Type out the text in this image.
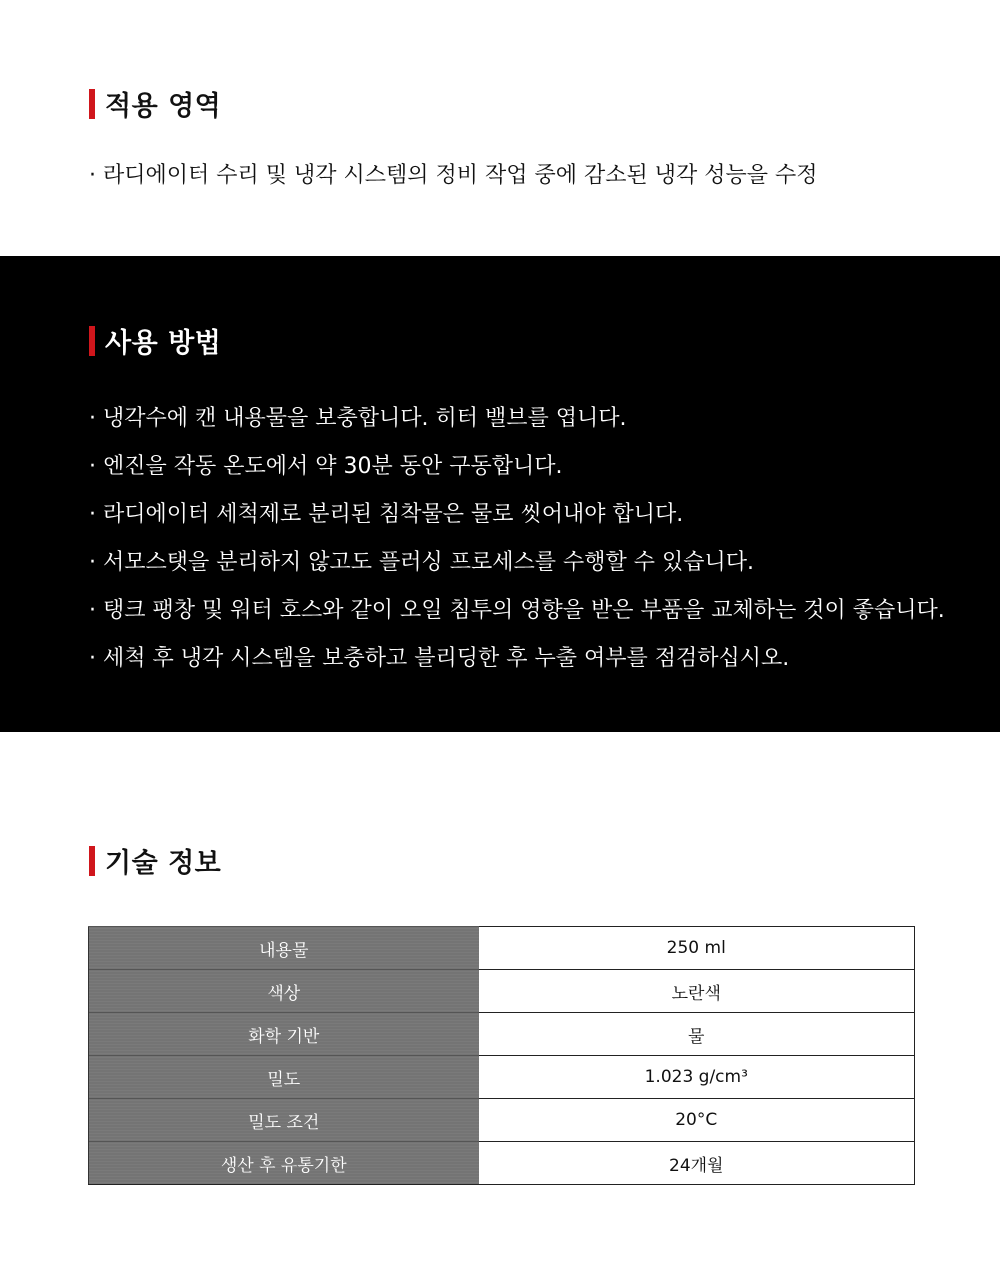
적용 영역
· 라디에이터 수리 및 냉각 시스템의 정비 작업 중에 감소된 냉각 성능을 수정
사용 방법
· 냉각수에 캔 내용물을 보충합니다. 히터 밸브를 엽니다.
· 엔진을 작동 온도에서 약 30분 동안 구동합니다.
· 라디에이터 세척제로 분리된 침착물은 물로 씻어내야 합니다.
· 서모스탯을 분리하지 않고도 플러싱 프로세스를 수행할 수 있습니다.
· 탱크 팽창 및 워터 호스와 같이 오일 침투의 영향을 받은 부품을 교체하는 것이 좋습니다.
· 세척 후 냉각 시스템을 보충하고 블리딩한 후 누출 여부를 점검하십시오.
기술 정보
내용물	250 ml
색상	노란색
화학 기반	물
밀도	1.023 g/cm³
밀도 조건	20°C
생산 후 유통기한	24개월
